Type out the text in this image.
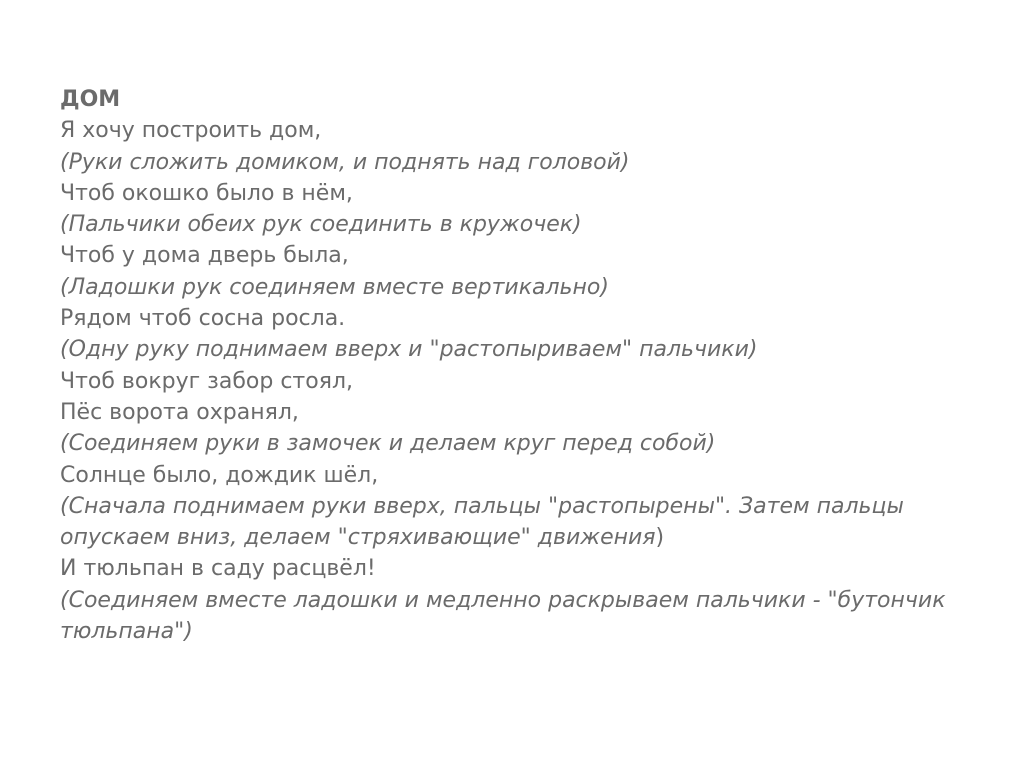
ДОМ
Я хочу построить дом,
(Руки сложить домиком, и поднять над головой)
Чтоб окошко было в нём,
(Пальчики обеих рук соединить в кружочек)
Чтоб у дома дверь была,
(Ладошки рук соединяем вместе вертикально)
Рядом чтоб сосна росла.
(Одну руку поднимаем вверх и "растопыриваем" пальчики)
Чтоб вокруг забор стоял,
Пёс ворота охранял,
(Соединяем руки в замочек и делаем круг перед собой)
Солнце было, дождик шёл,
(Сначала поднимаем руки вверх, пальцы "растопырены". Затем пальцы
опускаем вниз, делаем "стряхивающие" движения)
И тюльпан в саду расцвёл!
(Соединяем вместе ладошки и медленно раскрываем пальчики - "бутончик
тюльпана")
